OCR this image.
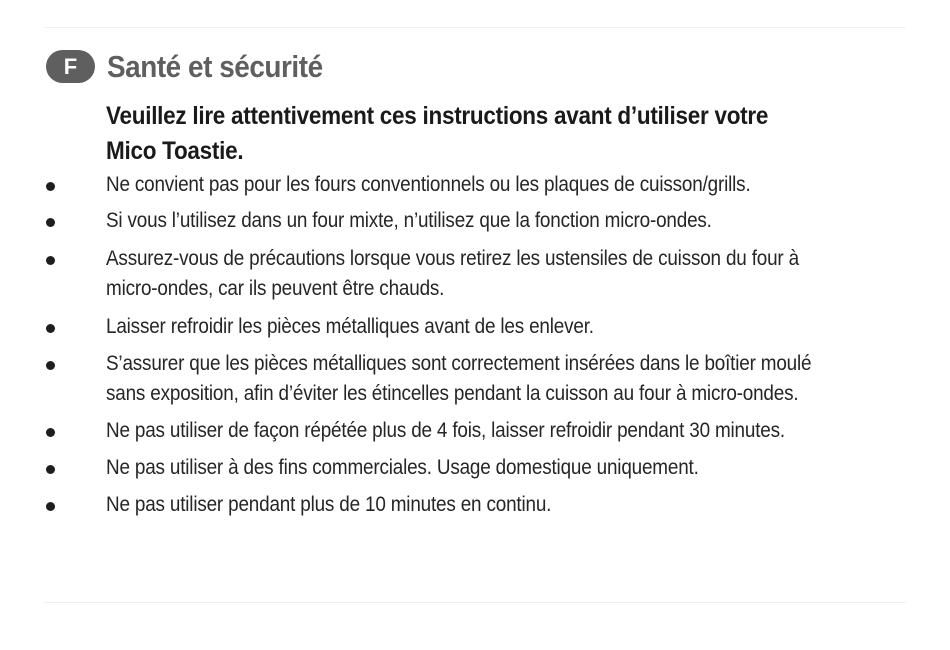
F Santé et sécurité
Veuillez lire attentivement ces instructions avant d’utiliser votre
Mico Toastie.
Ne convient pas pour les fours conventionnels ou les plaques de cuisson/grills.
Si vous l’utilisez dans un four mixte, n’utilisez que la fonction micro-ondes.
Assurez-vous de précautions lorsque vous retirez les ustensiles de cuisson du four à
micro-ondes, car ils peuvent être chauds.
Laisser refroidir les pièces métalliques avant de les enlever.
S’assurer que les pièces métalliques sont correctement insérées dans le boîtier moulé
sans exposition, afin d’éviter les étincelles pendant la cuisson au four à micro-ondes.
Ne pas utiliser de façon répétée plus de 4 fois, laisser refroidir pendant 30 minutes.
Ne pas utiliser à des fins commerciales. Usage domestique uniquement.
Ne pas utiliser pendant plus de 10 minutes en continu.
